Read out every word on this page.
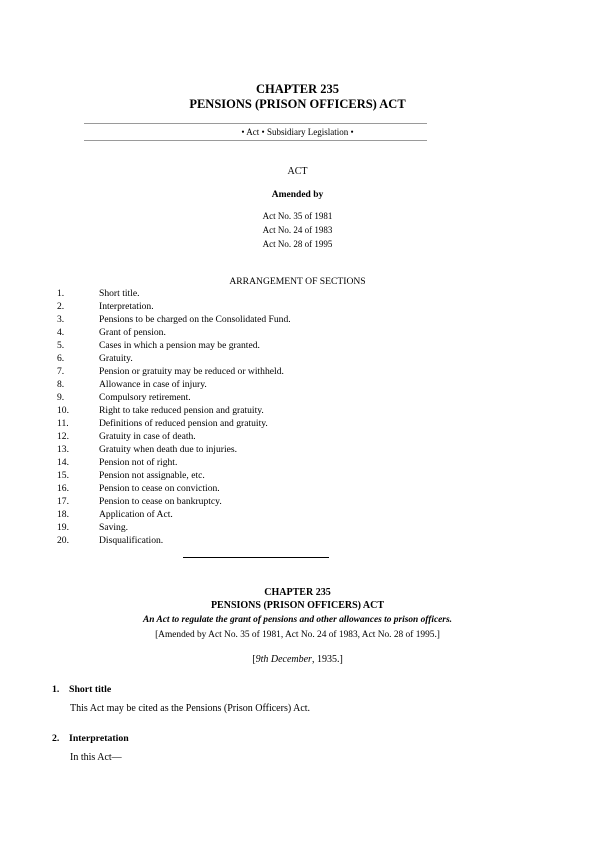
CHAPTER 235
PENSIONS (PRISON OFFICERS) ACT
• Act • Subsidiary Legislation •
ACT
Amended by
Act No. 35 of 1981
Act No. 24 of 1983
Act No. 28 of 1995
ARRANGEMENT OF SECTIONS
1.	Short title.
2.	Interpretation.
3.	Pensions to be charged on the Consolidated Fund.
4.	Grant of pension.
5.	Cases in which a pension may be granted.
6.	Gratuity.
7.	Pension or gratuity may be reduced or withheld.
8.	Allowance in case of injury.
9.	Compulsory retirement.
10.	Right to take reduced pension and gratuity.
11.	Definitions of reduced pension and gratuity.
12.	Gratuity in case of death.
13.	Gratuity when death due to injuries.
14.	Pension not of right.
15.	Pension not assignable, etc.
16.	Pension to cease on conviction.
17.	Pension to cease on bankruptcy.
18.	Application of Act.
19.	Saving.
20.	Disqualification.
CHAPTER 235
PENSIONS (PRISON OFFICERS) ACT
An Act to regulate the grant of pensions and other allowances to prison officers.
[Amended by Act No. 35 of 1981, Act No. 24 of 1983, Act No. 28 of 1995.]
[9th December, 1935.]
1. Short title
This Act may be cited as the Pensions (Prison Officers) Act.
2. Interpretation
In this Act—
